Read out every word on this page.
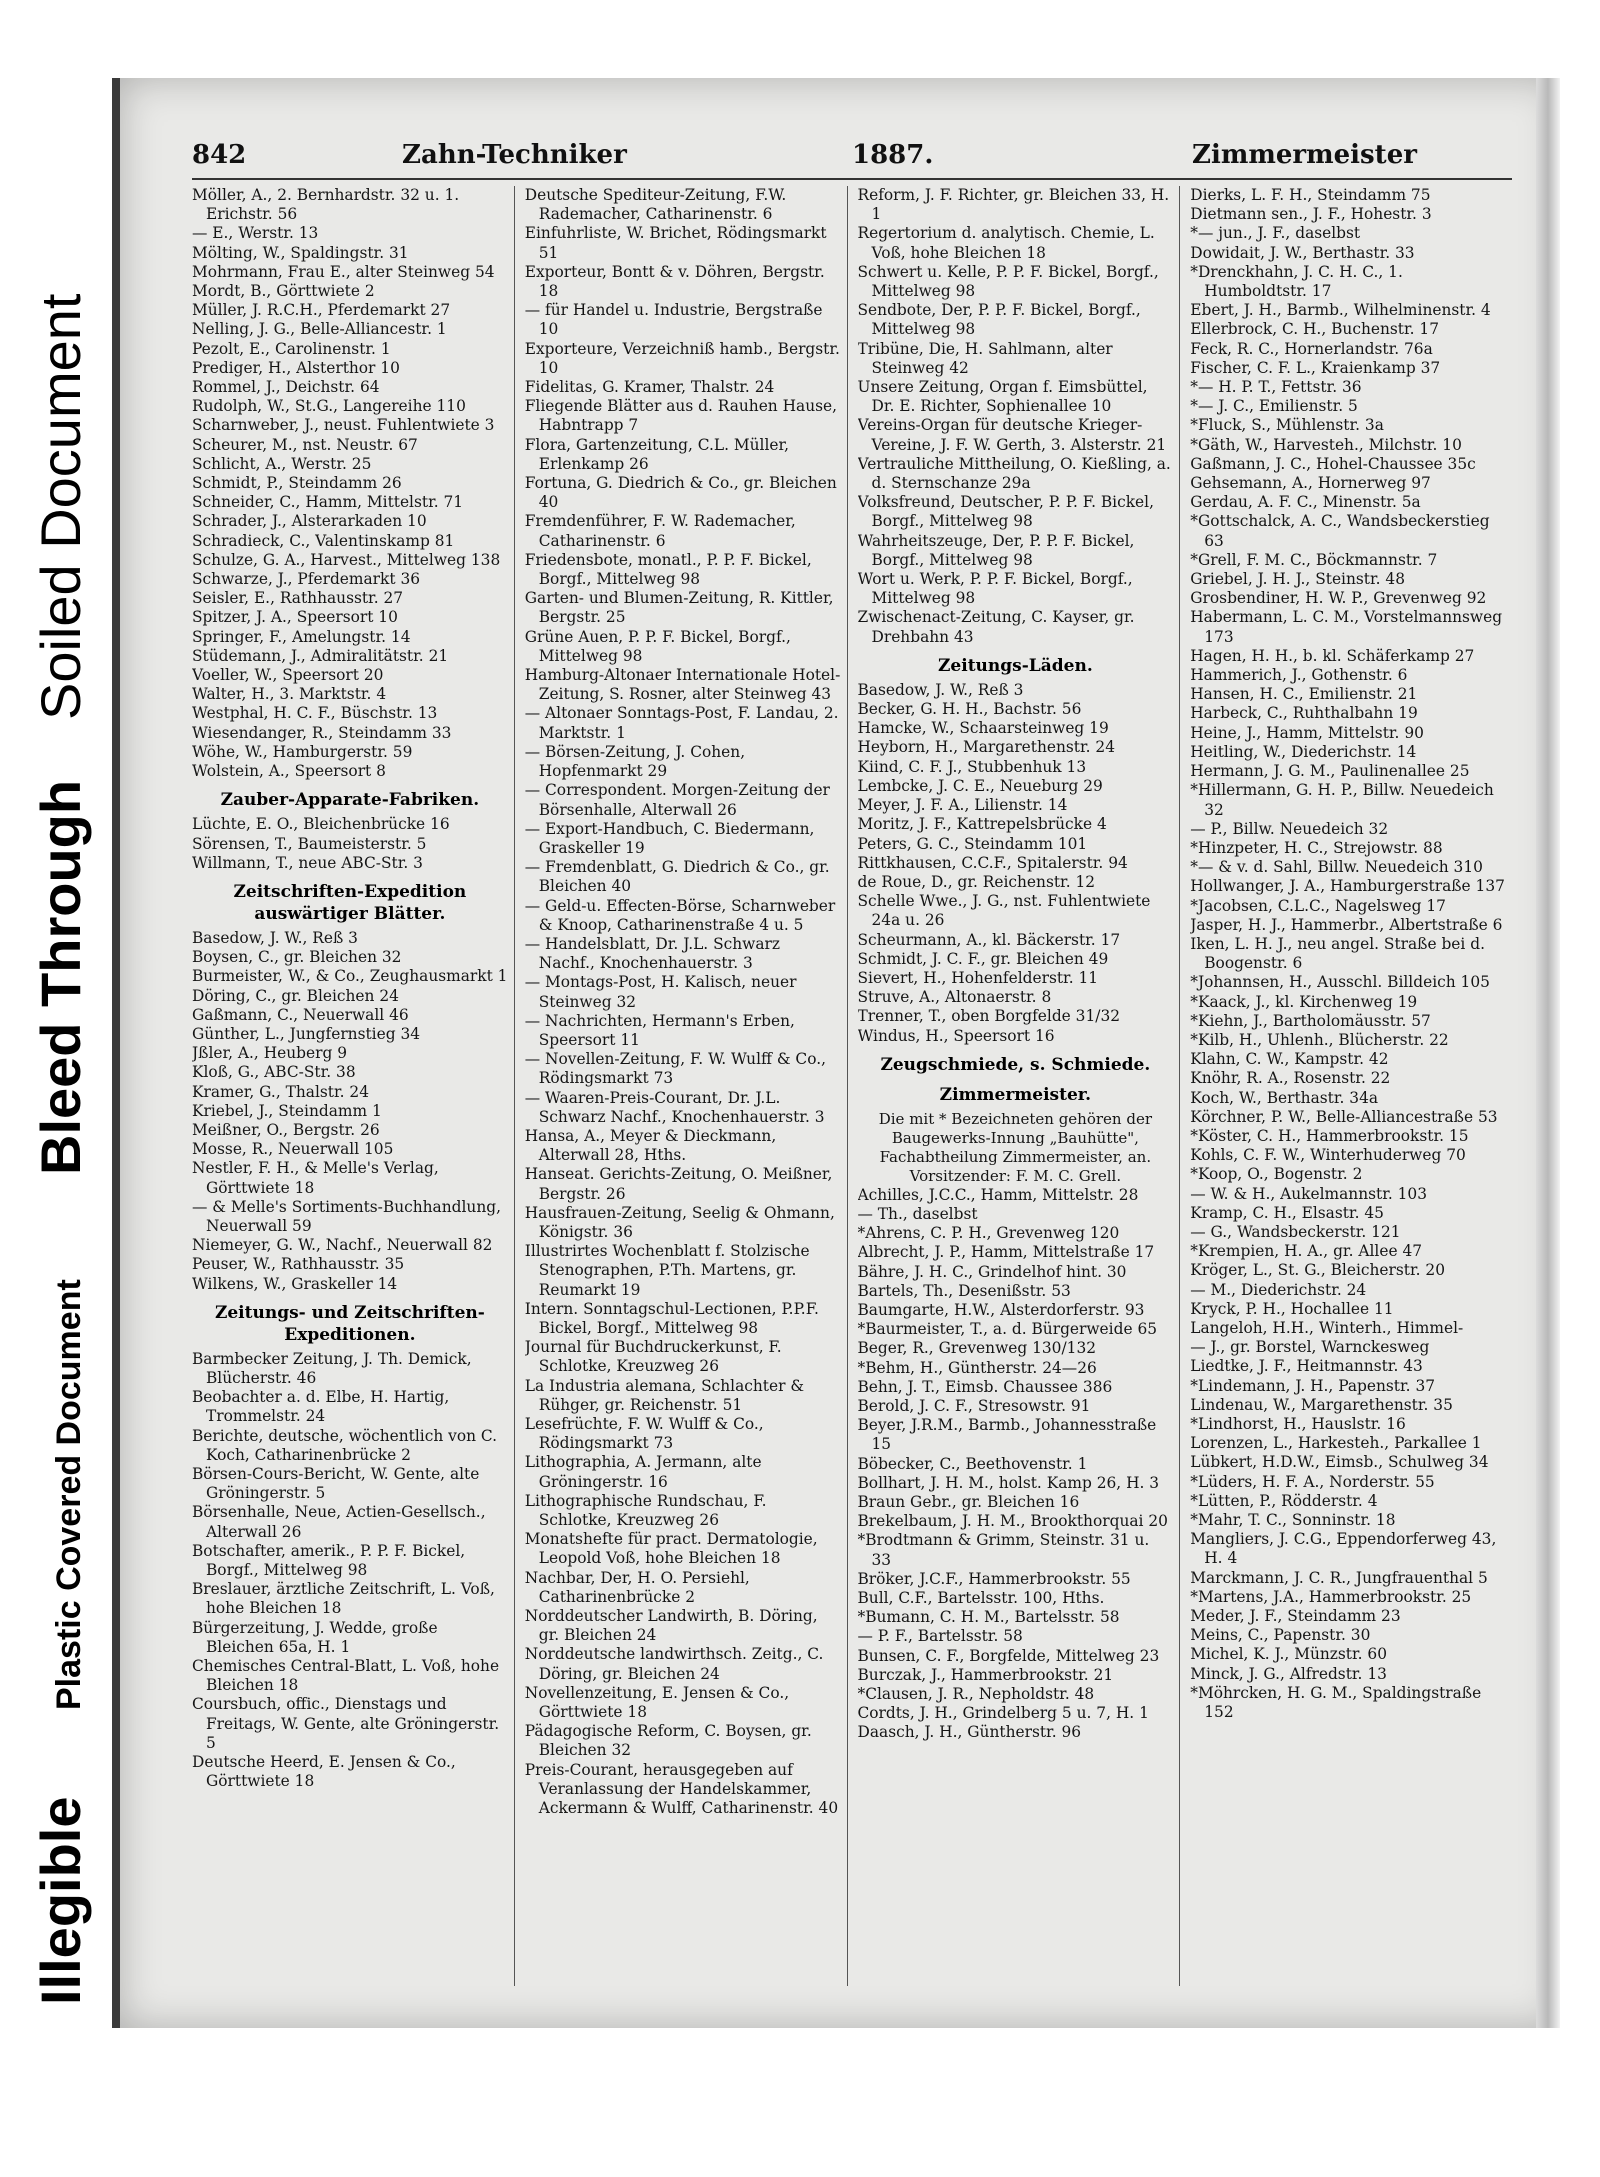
Illegible
Plastic Covered Document
Bleed Through
Soiled Document
842	Zahn-Techniker	1887.	Zimmermeister
Möller, A., 2. Bernhardstr. 32 u. 1. Erichstr. 56
— E., Werstr. 13
Mölting, W., Spaldingstr. 31
Mohrmann, Frau E., alter Steinweg 54
Mordt, B., Görttwiete 2
Müller, J. R.C.H., Pferdemarkt 27
Nelling, J. G., Belle-Alliancestr. 1
Pezolt, E., Carolinenstr. 1
Prediger, H., Alsterthor 10
Rommel, J., Deichstr. 64
Rudolph, W., St.G., Langereihe 110
Scharnweber, J., neust. Fuhlentwiete 3
Scheurer, M., nst. Neustr. 67
Schlicht, A., Werstr. 25
Schmidt, P., Steindamm 26
Schneider, C., Hamm, Mittelstr. 71
Schrader, J., Alsterarkaden 10
Schradieck, C., Valentinskamp 81
Schulze, G. A., Harvest., Mittelweg 138
Schwarze, J., Pferdemarkt 36
Seisler, E., Rathhausstr. 27
Spitzer, J. A., Speersort 10
Springer, F., Amelungstr. 14
Stüdemann, J., Admiralitätstr. 21
Voeller, W., Speersort 20
Walter, H., 3. Marktstr. 4
Westphal, H. C. F., Büschstr. 13
Wiesendanger, R., Steindamm 33
Wöhe, W., Hamburgerstr. 59
Wolstein, A., Speersort 8
Zauber-Apparate-Fabriken.
Lüchte, E. O., Bleichenbrücke 16
Sörensen, T., Baumeisterstr. 5
Willmann, T., neue ABC-Str. 3
Zeitschriften-Expedition auswärtiger Blätter.
Basedow, J. W., Reß 3
Boysen, C., gr. Bleichen 32
Burmeister, W., & Co., Zeughausmarkt 1
Döring, C., gr. Bleichen 24
Gaßmann, C., Neuerwall 46
Günther, L., Jungfernstieg 34
Jßler, A., Heuberg 9
Kloß, G., ABC-Str. 38
Kramer, G., Thalstr. 24
Kriebel, J., Steindamm 1
Meißner, O., Bergstr. 26
Mosse, R., Neuerwall 105
Nestler, F. H., & Melle's Verlag, Görttwiete 18
— & Melle's Sortiments-Buchhandlung, Neuerwall 59
Niemeyer, G. W., Nachf., Neuerwall 82
Peuser, W., Rathhausstr. 35
Wilkens, W., Graskeller 14
Zeitungs- und Zeitschriften-Expeditionen.
Barmbecker Zeitung, J. Th. Demick, Blücherstr. 46
Beobachter a. d. Elbe, H. Hartig, Trommelstr. 24
Berichte, deutsche, wöchentlich von C. Koch, Catharinenbrücke 2
Börsen-Cours-Bericht, W. Gente, alte Gröningerstr. 5
Börsenhalle, Neue, Actien-Gesellsch., Alterwall 26
Botschafter, amerik., P. P. F. Bickel, Borgf., Mittelweg 98
Breslauer, ärztliche Zeitschrift, L. Voß, hohe Bleichen 18
Bürgerzeitung, J. Wedde, große Bleichen 65a, H. 1
Chemisches Central-Blatt, L. Voß, hohe Bleichen 18
Coursbuch, offic., Dienstags und Freitags, W. Gente, alte Gröningerstr. 5
Deutsche Heerd, E. Jensen & Co., Görttwiete 18
Deutsche Spediteur-Zeitung, F.W. Rademacher, Catharinenstr. 6
Einfuhrliste, W. Brichet, Rödingsmarkt 51
Exporteur, Bontt & v. Döhren, Bergstr. 18
— für Handel u. Industrie, Bergstraße 10
Exporteure, Verzeichniß hamb., Bergstr. 10
Fidelitas, G. Kramer, Thalstr. 24
Fliegende Blätter aus d. Rauhen Hause, Habntrapp 7
Flora, Gartenzeitung, C.L. Müller, Erlenkamp 26
Fortuna, G. Diedrich & Co., gr. Bleichen 40
Fremdenführer, F. W. Rademacher, Catharinenstr. 6
Friedensbote, monatl., P. P. F. Bickel, Borgf., Mittelweg 98
Garten- und Blumen-Zeitung, R. Kittler, Bergstr. 25
Grüne Auen, P. P. F. Bickel, Borgf., Mittelweg 98
Hamburg-Altonaer Internationale Hotel-Zeitung, S. Rosner, alter Steinweg 43
— Altonaer Sonntags-Post, F. Landau, 2. Marktstr. 1
— Börsen-Zeitung, J. Cohen, Hopfenmarkt 29
— Correspondent. Morgen-Zeitung der Börsenhalle, Alterwall 26
— Export-Handbuch, C. Biedermann, Graskeller 19
— Fremdenblatt, G. Diedrich & Co., gr. Bleichen 40
— Geld-u. Effecten-Börse, Scharnweber & Knoop, Catharinenstraße 4 u. 5
— Handelsblatt, Dr. J.L. Schwarz Nachf., Knochenhauerstr. 3
— Montags-Post, H. Kalisch, neuer Steinweg 32
— Nachrichten, Hermann's Erben, Speersort 11
— Novellen-Zeitung, F. W. Wulff & Co., Rödingsmarkt 73
— Waaren-Preis-Courant, Dr. J.L. Schwarz Nachf., Knochenhauerstr. 3
Hansa, A., Meyer & Dieckmann, Alterwall 28, Hths.
Hanseat. Gerichts-Zeitung, O. Meißner, Bergstr. 26
Hausfrauen-Zeitung, Seelig & Ohmann, Königstr. 36
Illustrirtes Wochenblatt f. Stolzische Stenographen, P.Th. Martens, gr. Reumarkt 19
Intern. Sonntagschul-Lectionen, P.P.F. Bickel, Borgf., Mittelweg 98
Journal für Buchdruckerkunst, F. Schlotke, Kreuzweg 26
La Industria alemana, Schlachter & Rühger, gr. Reichenstr. 51
Lesefrüchte, F. W. Wulff & Co., Rödingsmarkt 73
Lithographia, A. Jermann, alte Gröningerstr. 16
Lithographische Rundschau, F. Schlotke, Kreuzweg 26
Monatshefte für pract. Dermatologie, Leopold Voß, hohe Bleichen 18
Nachbar, Der, H. O. Persiehl, Catharinenbrücke 2
Norddeutscher Landwirth, B. Döring, gr. Bleichen 24
Norddeutsche landwirthsch. Zeitg., C. Döring, gr. Bleichen 24
Novellenzeitung, E. Jensen & Co., Görttwiete 18
Pädagogische Reform, C. Boysen, gr. Bleichen 32
Preis-Courant, herausgegeben auf Veranlassung der Handelskammer, Ackermann & Wulff, Catharinenstr. 40
Reform, J. F. Richter, gr. Bleichen 33, H. 1
Regertorium d. analytisch. Chemie, L. Voß, hohe Bleichen 18
Schwert u. Kelle, P. P. F. Bickel, Borgf., Mittelweg 98
Sendbote, Der, P. P. F. Bickel, Borgf., Mittelweg 98
Tribüne, Die, H. Sahlmann, alter Steinweg 42
Unsere Zeitung, Organ f. Eimsbüttel, Dr. E. Richter, Sophienallee 10
Vereins-Organ für deutsche Krieger-Vereine, J. F. W. Gerth, 3. Alsterstr. 21
Vertrauliche Mittheilung, O. Kießling, a. d. Sternschanze 29a
Volksfreund, Deutscher, P. P. F. Bickel, Borgf., Mittelweg 98
Wahrheitszeuge, Der, P. P. F. Bickel, Borgf., Mittelweg 98
Wort u. Werk, P. P. F. Bickel, Borgf., Mittelweg 98
Zwischenact-Zeitung, C. Kayser, gr. Drehbahn 43
Zeitungs-Läden.
Basedow, J. W., Reß 3
Becker, G. H. H., Bachstr. 56
Hamcke, W., Schaarsteinweg 19
Heyborn, H., Margarethenstr. 24
Kiind, C. F. J., Stubbenhuk 13
Lembcke, J. C. E., Neueburg 29
Meyer, J. F. A., Lilienstr. 14
Moritz, J. F., Kattrepelsbrücke 4
Peters, G. C., Steindamm 101
Rittkhausen, C.C.F., Spitalerstr. 94
de Roue, D., gr. Reichenstr. 12
Schelle Wwe., J. G., nst. Fuhlentwiete 24a u. 26
Scheurmann, A., kl. Bäckerstr. 17
Schmidt, J. C. F., gr. Bleichen 49
Sievert, H., Hohenfelderstr. 11
Struve, A., Altonaerstr. 8
Trenner, T., oben Borgfelde 31/32
Windus, H., Speersort 16
Zeugschmiede, s. Schmiede.
Zimmermeister.
Die mit * Bezeichneten gehören der Baugewerks-Innung „Bauhütte", Fachabtheilung Zimmermeister, an.
Vorsitzender: F. M. C. Grell.
Achilles, J.C.C., Hamm, Mittelstr. 28
— Th., daselbst
*Ahrens, C. P. H., Grevenweg 120
Albrecht, J. P., Hamm, Mittelstraße 17
Bähre, J. H. C., Grindelhof hint. 30
Bartels, Th., Desenißstr. 53
Baumgarte, H.W., Alsterdorferstr. 93
*Baurmeister, T., a. d. Bürgerweide 65
Beger, R., Grevenweg 130/132
*Behm, H., Güntherstr. 24—26
Behn, J. T., Eimsb. Chaussee 386
Berold, J. C. F., Stresowstr. 91
Beyer, J.R.M., Barmb., Johannesstraße 15
Böbecker, C., Beethovenstr. 1
Bollhart, J. H. M., holst. Kamp 26, H. 3
Braun Gebr., gr. Bleichen 16
Brekelbaum, J. H. M., Brookthorquai 20
*Brodtmann & Grimm, Steinstr. 31 u. 33
Bröker, J.C.F., Hammerbrookstr. 55
Bull, C.F., Bartelsstr. 100, Hths.
*Bumann, C. H. M., Bartelsstr. 58
— P. F., Bartelsstr. 58
Bunsen, C. F., Borgfelde, Mittelweg 23
Burczak, J., Hammerbrookstr. 21
*Clausen, J. R., Nepholdstr. 48
Cordts, J. H., Grindelberg 5 u. 7, H. 1
Daasch, J. H., Güntherstr. 96
Dierks, L. F. H., Steindamm 75
Dietmann sen., J. F., Hohestr. 3
*— jun., J. F., daselbst
Dowidait, J. W., Berthastr. 33
*Drenckhahn, J. C. H. C., 1. Humboldtstr. 17
Ebert, J. H., Barmb., Wilhelminenstr. 4
Ellerbrock, C. H., Buchenstr. 17
Feck, R. C., Hornerlandstr. 76a
Fischer, C. F. L., Kraienkamp 37
*— H. P. T., Fettstr. 36
*— J. C., Emilienstr. 5
*Fluck, S., Mühlenstr. 3a
*Gäth, W., Harvesteh., Milchstr. 10
Gaßmann, J. C., Hohel-Chaussee 35c
Gehsemann, A., Hornerweg 97
Gerdau, A. F. C., Minenstr. 5a
*Gottschalck, A. C., Wandsbeckerstieg 63
*Grell, F. M. C., Böckmannstr. 7
Griebel, J. H. J., Steinstr. 48
Grosbendiner, H. W. P., Grevenweg 92
Habermann, L. C. M., Vorstelmannsweg 173
Hagen, H. H., b. kl. Schäferkamp 27
Hammerich, J., Gothenstr. 6
Hansen, H. C., Emilienstr. 21
Harbeck, C., Ruhthalbahn 19
Heine, J., Hamm, Mittelstr. 90
Heitling, W., Diederichstr. 14
Hermann, J. G. M., Paulinenallee 25
*Hillermann, G. H. P., Billw. Neuedeich 32
— P., Billw. Neuedeich 32
*Hinzpeter, H. C., Strejowstr. 88
*— & v. d. Sahl, Billw. Neuedeich 310
Hollwanger, J. A., Hamburgerstraße 137
*Jacobsen, C.L.C., Nagelsweg 17
Jasper, H. J., Hammerbr., Albertstraße 6
Iken, L. H. J., neu angel. Straße bei d. Boogenstr. 6
*Johannsen, H., Ausschl. Billdeich 105
*Kaack, J., kl. Kirchenweg 19
*Kiehn, J., Bartholomäusstr. 57
*Kilb, H., Uhlenh., Blücherstr. 22
Klahn, C. W., Kampstr. 42
Knöhr, R. A., Rosenstr. 22
Koch, W., Berthastr. 34a
Körchner, P. W., Belle-Alliancestraße 53
*Köster, C. H., Hammerbrookstr. 15
Kohls, C. F. W., Winterhuderweg 70
*Koop, O., Bogenstr. 2
— W. & H., Aukelmannstr. 103
Kramp, C. H., Elsastr. 45
— G., Wandsbeckerstr. 121
*Krempien, H. A., gr. Allee 47
Kröger, L., St. G., Bleicherstr. 20
— M., Diederichstr. 24
Kryck, P. H., Hochallee 11
Langeloh, H.H., Winterh., Himmel-
— J., gr. Borstel, Warnckesweg
Liedtke, J. F., Heitmannstr. 43
*Lindemann, J. H., Papenstr. 37
Lindenau, W., Margarethenstr. 35
*Lindhorst, H., Hauslstr. 16
Lorenzen, L., Harkesteh., Parkallee 1
Lübkert, H.D.W., Eimsb., Schulweg 34
*Lüders, H. F. A., Norderstr. 55
*Lütten, P., Rödderstr. 4
*Mahr, T. C., Sonninstr. 18
Mangliers, J. C.G., Eppendorferweg 43, H. 4
Marckmann, J. C. R., Jungfrauenthal 5
*Martens, J.A., Hammerbrookstr. 25
Meder, J. F., Steindamm 23
Meins, C., Papenstr. 30
Michel, K. J., Münzstr. 60
Minck, J. G., Alfredstr. 13
*Möhrcken, H. G. M., Spaldingstraße 152
